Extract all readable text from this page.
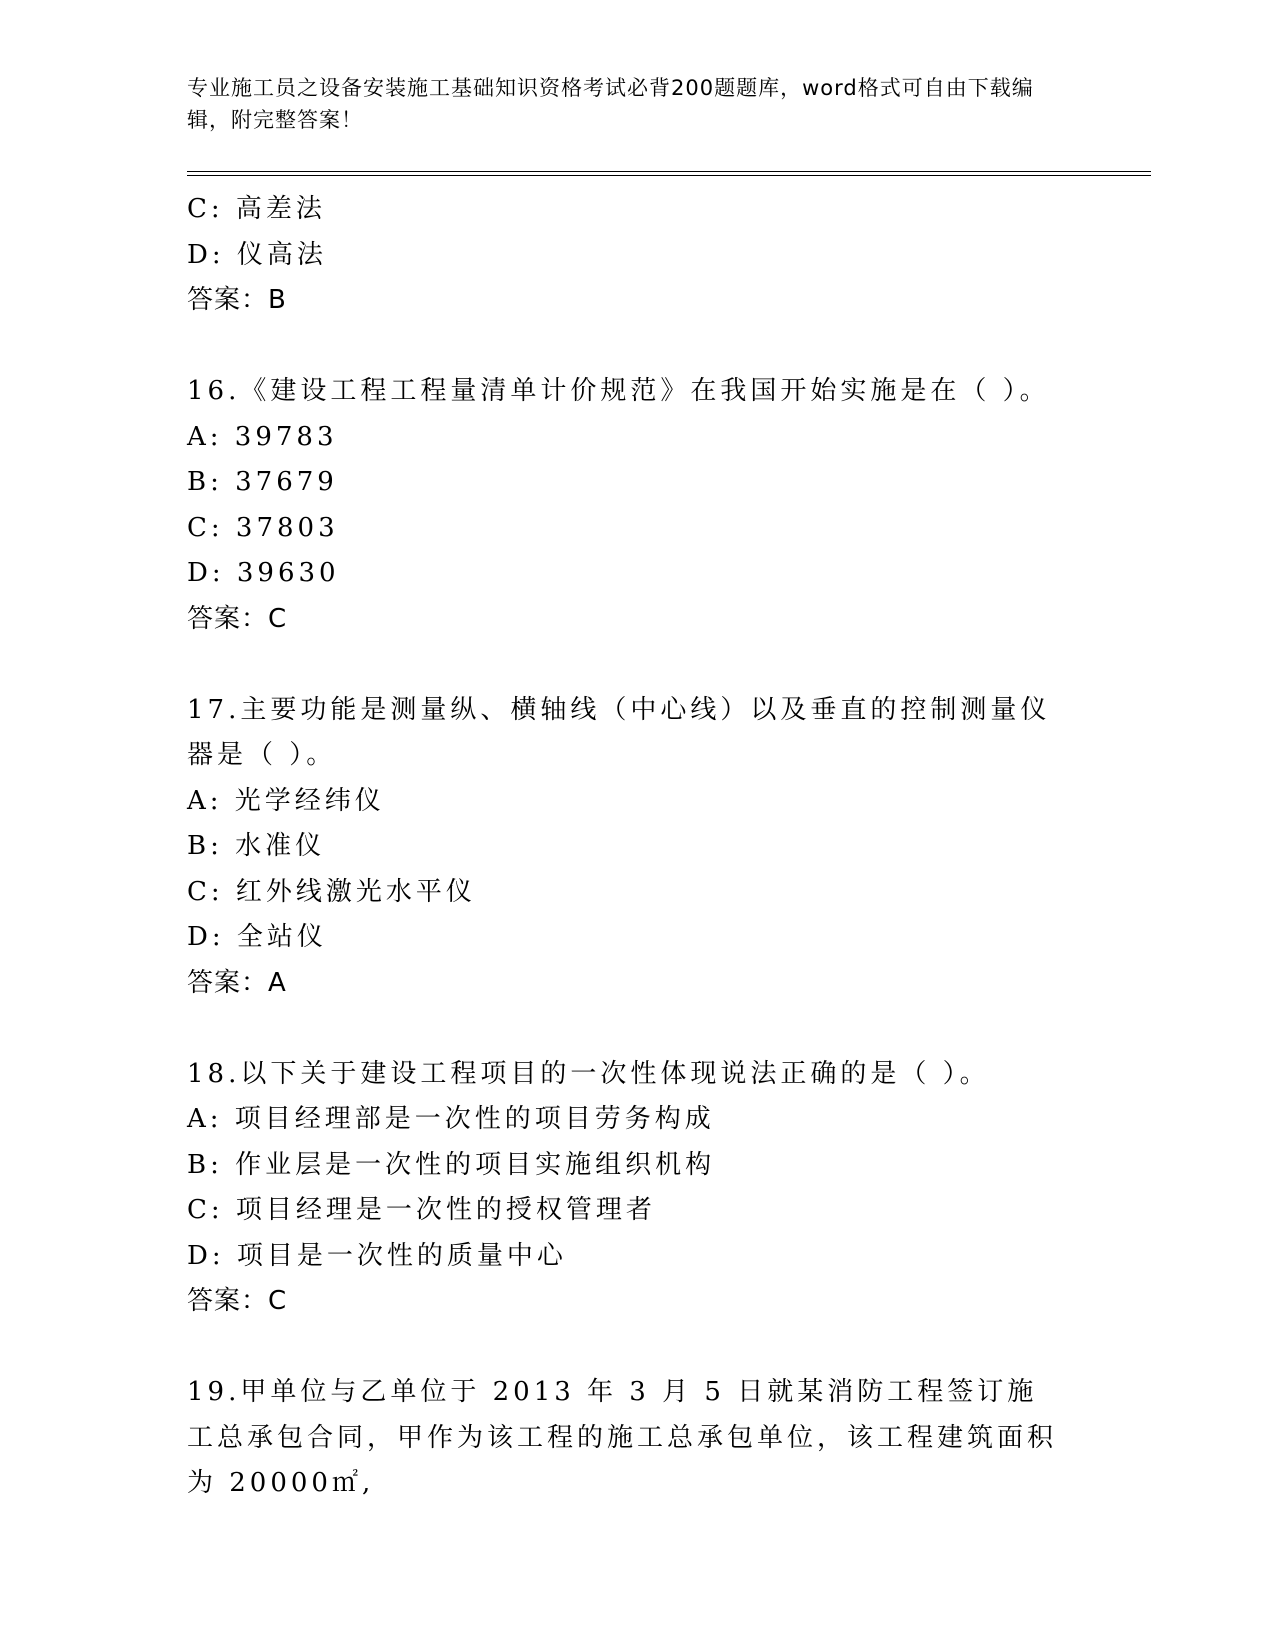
专业施工员之设备安装施工基础知识资格考试必背200题题库，word格式可自由下载编辑，附完整答案！
C: 高差法
D: 仪高法
答案：B
16.《建设工程工程量清单计价规范》在我国开始实施是在（ ）。
A: 39783
B: 37679
C: 37803
D: 39630
答案：C
17.主要功能是测量纵、横轴线（中心线）以及垂直的控制测量仪器是（ ）。
A: 光学经纬仪
B: 水准仪
C: 红外线激光水平仪
D: 全站仪
答案：A
18.以下关于建设工程项目的一次性体现说法正确的是（ ）。
A: 项目经理部是一次性的项目劳务构成
B: 作业层是一次性的项目实施组织机构
C: 项目经理是一次性的授权管理者
D: 项目是一次性的质量中心
答案：C
19.甲单位与乙单位于 2013 年 3 月 5 日就某消防工程签订施工总承包合同，甲作为该工程的施工总承包单位，该工程建筑面积为 20000㎡,
